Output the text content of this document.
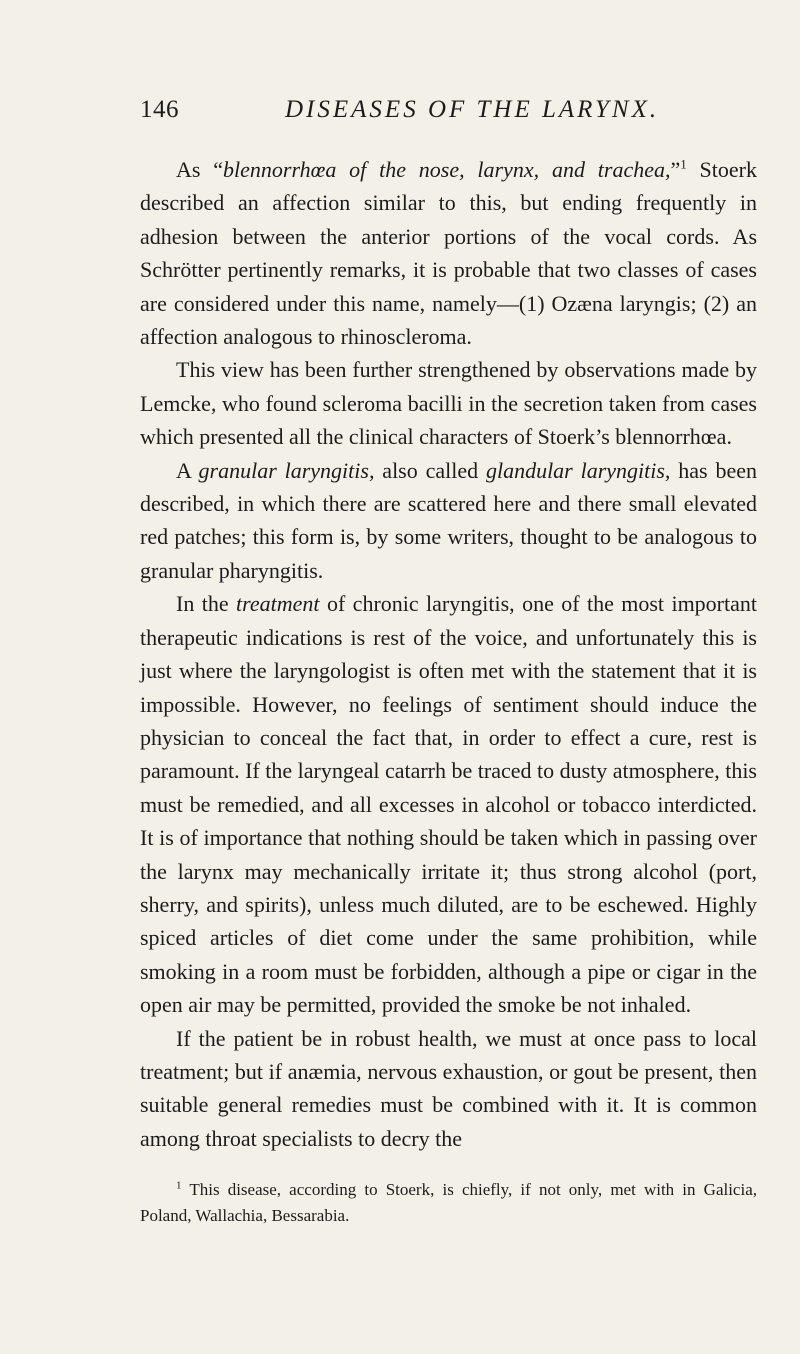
146	DISEASES OF THE LARYNX.

As “blennorrhœa of the nose, larynx, and trachea,”$^1$ Stoerk described an affection similar to this, but ending frequently in adhesion between the anterior portions of the vocal cords. As Schrötter pertinently remarks, it is probable that two classes of cases are considered under this name, namely—(1) Ozæna laryngis; (2) an affection analogous to rhinoscleroma.

This view has been further strengthened by observations made by Lemcke, who found scleroma bacilli in the secretion taken from cases which presented all the clinical characters of Stoerk’s blennorrhœa.

A granular laryngitis, also called glandular laryngitis, has been described, in which there are scattered here and there small elevated red patches; this form is, by some writers, thought to be analogous to granular pharyngitis.

In the treatment of chronic laryngitis, one of the most important therapeutic indications is rest of the voice, and unfortunately this is just where the laryngologist is often met with the statement that it is impossible. However, no feelings of sentiment should induce the physician to conceal the fact that, in order to effect a cure, rest is paramount. If the laryngeal catarrh be traced to dusty atmosphere, this must be remedied, and all excesses in alcohol or tobacco interdicted. It is of importance that nothing should be taken which in passing over the larynx may mechanically irritate it; thus strong alcohol (port, sherry, and spirits), unless much diluted, are to be eschewed. Highly spiced articles of diet come under the same prohibition, while smoking in a room must be forbidden, although a pipe or cigar in the open air may be permitted, provided the smoke be not inhaled.

If the patient be in robust health, we must at once pass to local treatment; but if anæmia, nervous exhaustion, or gout be present, then suitable general remedies must be combined with it. It is common among throat specialists to decry the

$^1$ This disease, according to Stoerk, is chiefly, if not only, met with in Galicia, Poland, Wallachia, Bessarabia.
